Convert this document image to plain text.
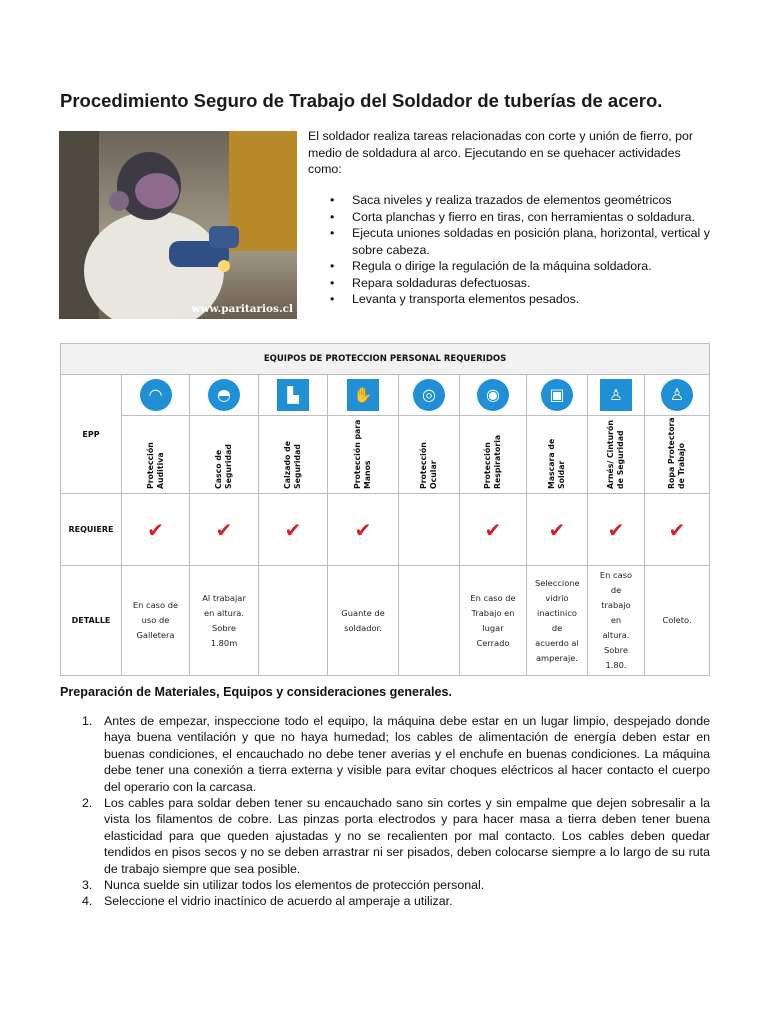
Procedimiento Seguro de Trabajo del Soldador de tuberías de acero.
www.paritarios.cl
El soldador realiza tareas relacionadas con corte y unión de fierro, por medio de soldadura al arco. Ejecutando en se quehacer actividades como:
• Saca niveles y realiza trazados de elementos geométricos
• Corta planchas y fierro en tiras, con herramientas o soldadura.
• Ejecuta uniones soldadas en posición plana, horizontal, vertical y sobre cabeza.
• Regula o dirige la regulación de la máquina soldadora.
• Repara soldaduras defectuosas.
• Levanta y transporta elementos pesados.
EQUIPOS DE PROTECCION PERSONAL REQUERIDOS									
EPP	◠	◓	▙	✋	◎	◉	▣	♙	♙
	Protección Auditiva	Casco de Seguridad	Calzado de Seguridad	Protección para Manos	Protección Ocular	Protección Respiratoria	Mascara de Soldar	Arnés/ Cinturón de Seguridad	Ropa Protectora de Trabajo
REQUIERE	✔	✔	✔	✔		✔	✔	✔	✔
DETALLE	En caso de uso de Galletera	Al trabajar en altura. Sobre 1.80m		Guante de soldador.		En caso de Trabajo en lugar Cerrado	Seleccione vidrio inactinico de acuerdo al amperaje.	En caso de trabajo en altura. Sobre 1.80.	Coleto.
Preparación de Materiales, Equipos y consideraciones generales.
1. Antes de empezar, inspeccione todo el equipo, la máquina debe estar en un lugar limpio, despejado donde haya buena ventilación y que no haya humedad; los cables de alimentación de energía deben estar en buenas condiciones, el encauchado no debe tener averias y el enchufe en buenas condiciones. La máquina debe tener una conexión a tierra externa y visible para evitar choques eléctricos al hacer contacto el cuerpo del operario con la carcasa.
2. Los cables para soldar deben tener su encauchado sano sin cortes y sin empalme que dejen sobresalir a la vista los filamentos de cobre. Las pinzas porta electrodos y para hacer masa a tierra deben tener buena elasticidad para que queden ajustadas y no se recalienten por mal contacto. Los cables deben quedar tendidos en pisos secos y no se deben arrastrar ni ser pisados, deben colocarse siempre a lo largo de su ruta de trabajo siempre que sea posible.
3. Nunca suelde sin utilizar todos los elementos de protección personal.
4. Seleccione el vidrio inactínico de acuerdo al amperaje a utilizar.
